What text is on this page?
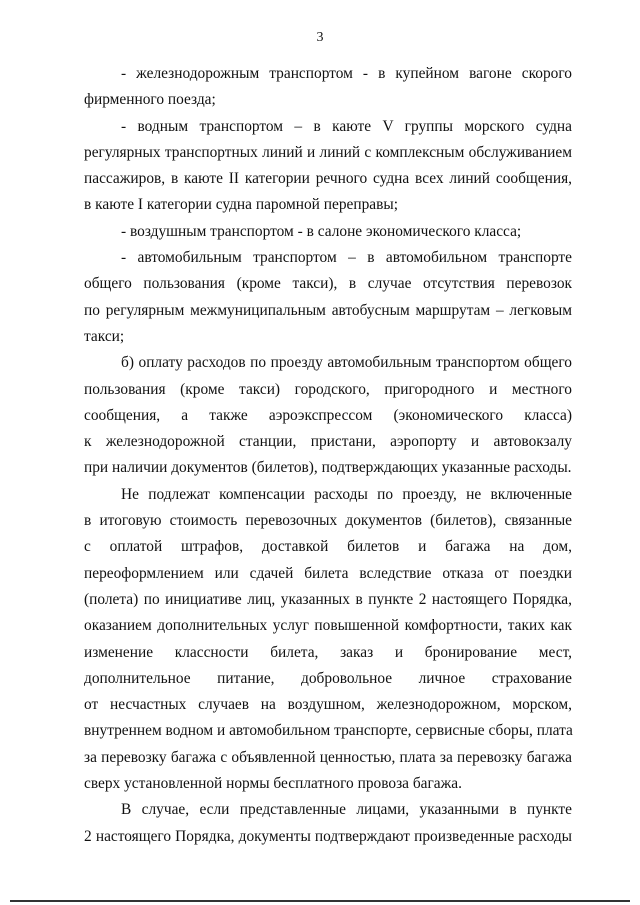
3
- железнодорожным транспортом - в купейном вагоне скорого
фирменного поезда;
- водным транспортом – в каюте V группы морского судна
регулярных транспортных линий и линий с комплексным обслуживанием
пассажиров, в каюте II категории речного судна всех линий сообщения,
в каюте I категории судна паромной переправы;
- воздушным транспортом - в салоне экономического класса;
- автомобильным транспортом – в автомобильном транспорте
общего пользования (кроме такси), в случае отсутствия перевозок
по регулярным межмуниципальным автобусным маршрутам – легковым
такси;
б) оплату расходов по проезду автомобильным транспортом общего
пользования (кроме такси) городского, пригородного и местного
сообщения, а также аэроэкспрессом (экономического класса)
к железнодорожной станции, пристани, аэропорту и автовокзалу
при наличии документов (билетов), подтверждающих указанные расходы.
Не подлежат компенсации расходы по проезду, не включенные
в итоговую стоимость перевозочных документов (билетов), связанные
с оплатой штрафов, доставкой билетов и багажа на дом,
переоформлением или сдачей билета вследствие отказа от поездки
(полета) по инициативе лиц, указанных в пункте 2 настоящего Порядка,
оказанием дополнительных услуг повышенной комфортности, таких как
изменение классности билета, заказ и бронирование мест,
дополнительное питание, добровольное личное страхование
от несчастных случаев на воздушном, железнодорожном, морском,
внутреннем водном и автомобильном транспорте, сервисные сборы, плата
за перевозку багажа с объявленной ценностью, плата за перевозку багажа
сверх установленной нормы бесплатного провоза багажа.
В случае, если представленные лицами, указанными в пункте
2 настоящего Порядка, документы подтверждают произведенные расходы
